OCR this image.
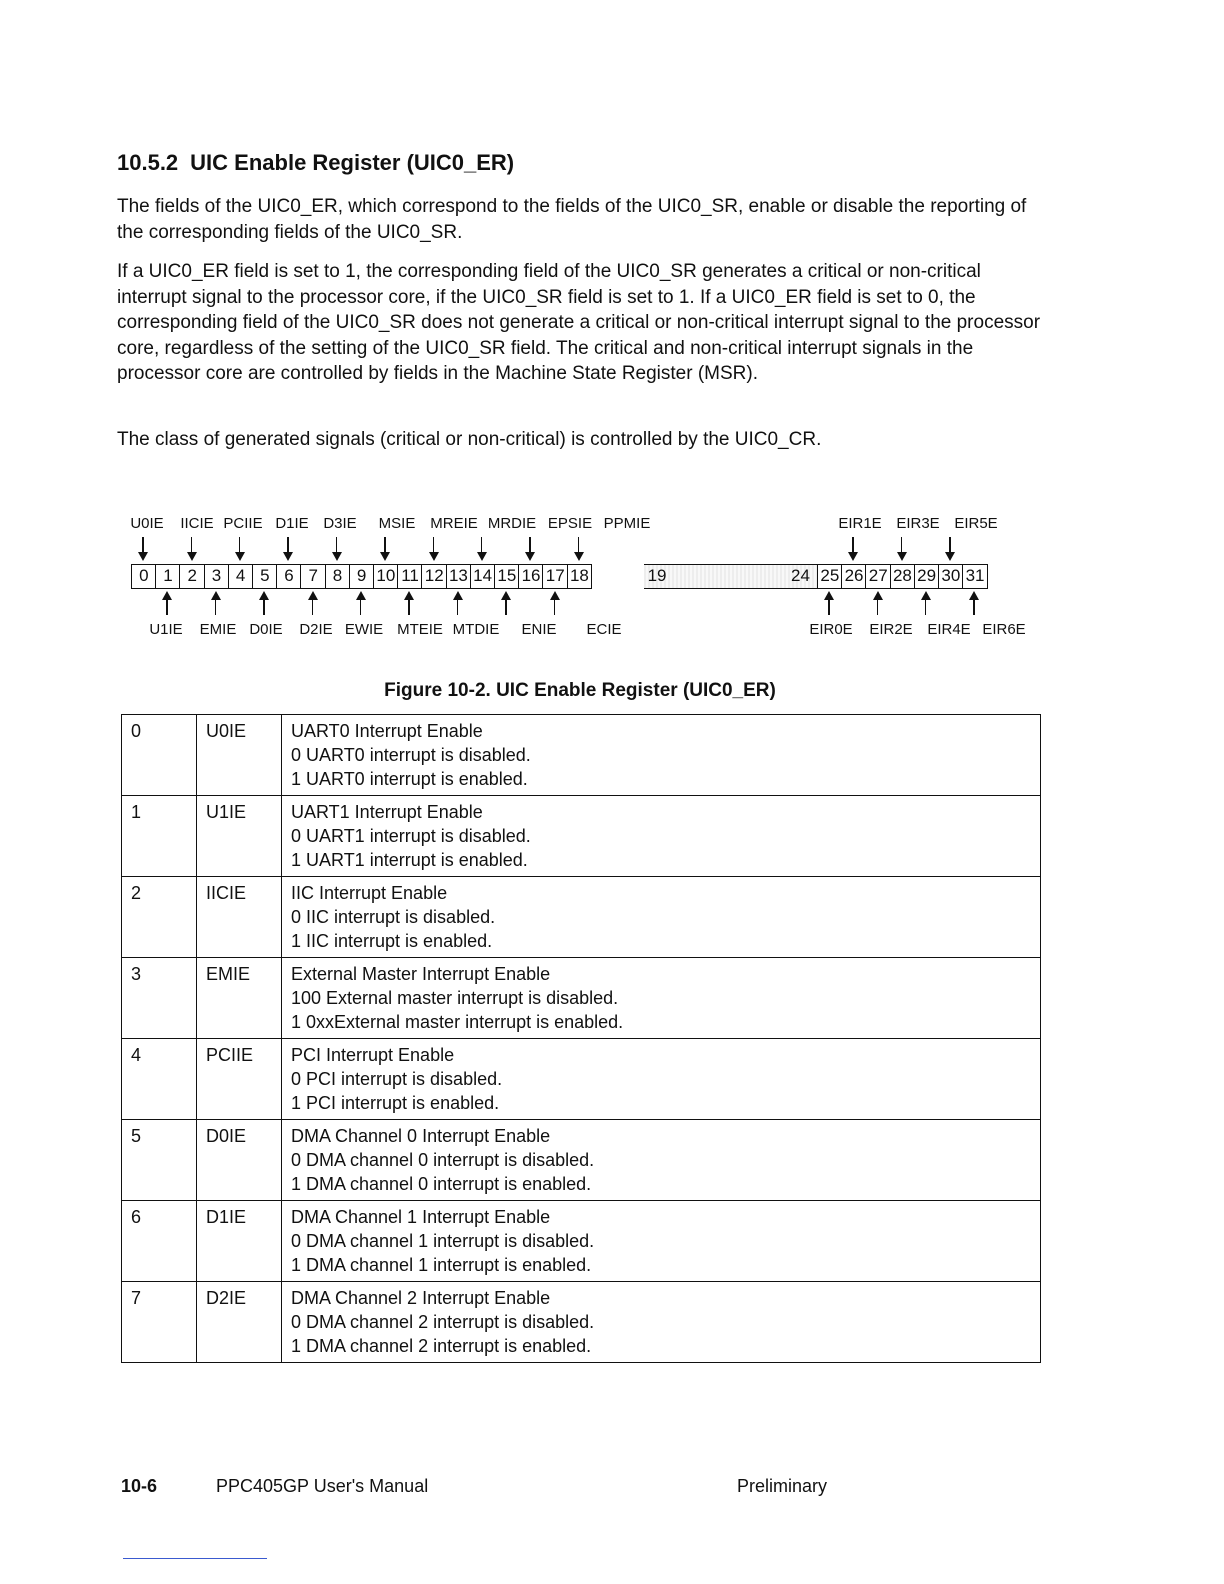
10.5.2 UIC Enable Register (UIC0_ER)

The fields of the UIC0_ER, which correspond to the fields of the UIC0_SR, enable or disable the reporting of the corresponding fields of the UIC0_SR.

If a UIC0_ER field is set to 1, the corresponding field of the UIC0_SR generates a critical or non-critical interrupt signal to the processor core, if the UIC0_SR field is set to 1. If a UIC0_ER field is set to 0, the corresponding field of the UIC0_SR does not generate a critical or non-critical interrupt signal to the processor core, regardless of the setting of the UIC0_SR field. The critical and non-critical interrupt signals in the processor core are controlled by fields in the Machine State Register (MSR).

The class of generated signals (critical or non-critical) is controlled by the UIC0_CR.

0 1 2 3 4 5 6 7 8 9 10 11 12 13 14 15 16 17 18	19	24 25 26 27 28 29 30 31
U0IE IICIE PCIIE D1IE D3IE MSIE MREIE MRDIE EPSIE PPMIE	EIR1E EIR3E EIR5E
U1IE EMIE D0IE D2IE EWIE MTEIE MTDIE ENIE ECIE	EIR0E EIR2E EIR4E EIR6E
Figure 10-2. UIC Enable Register (UIC0_ER)
0	U0IE	UART0 Interrupt Enable
0 UART0 interrupt is disabled.
1 UART0 interrupt is enabled.

1	U1IE	UART1 Interrupt Enable
0 UART1 interrupt is disabled.
1 UART1 interrupt is enabled.

2	IICIE	IIC Interrupt Enable
0 IIC interrupt is disabled.
1 IIC interrupt is enabled.

3	EMIE	External Master Interrupt Enable
100 External master interrupt is disabled.
1 0xxExternal master interrupt is enabled.

4	PCIIE	PCI Interrupt Enable
0 PCI interrupt is disabled.
1 PCI interrupt is enabled.

5	D0IE	DMA Channel 0 Interrupt Enable
0 DMA channel 0 interrupt is disabled.
1 DMA channel 0 interrupt is enabled.

6	D1IE	DMA Channel 1 Interrupt Enable
0 DMA channel 1 interrupt is disabled.
1 DMA channel 1 interrupt is enabled.

7	D2IE	DMA Channel 2 Interrupt Enable
0 DMA channel 2 interrupt is disabled.
1 DMA channel 2 interrupt is enabled.
10-6	PPC405GP User's Manual	Preliminary
